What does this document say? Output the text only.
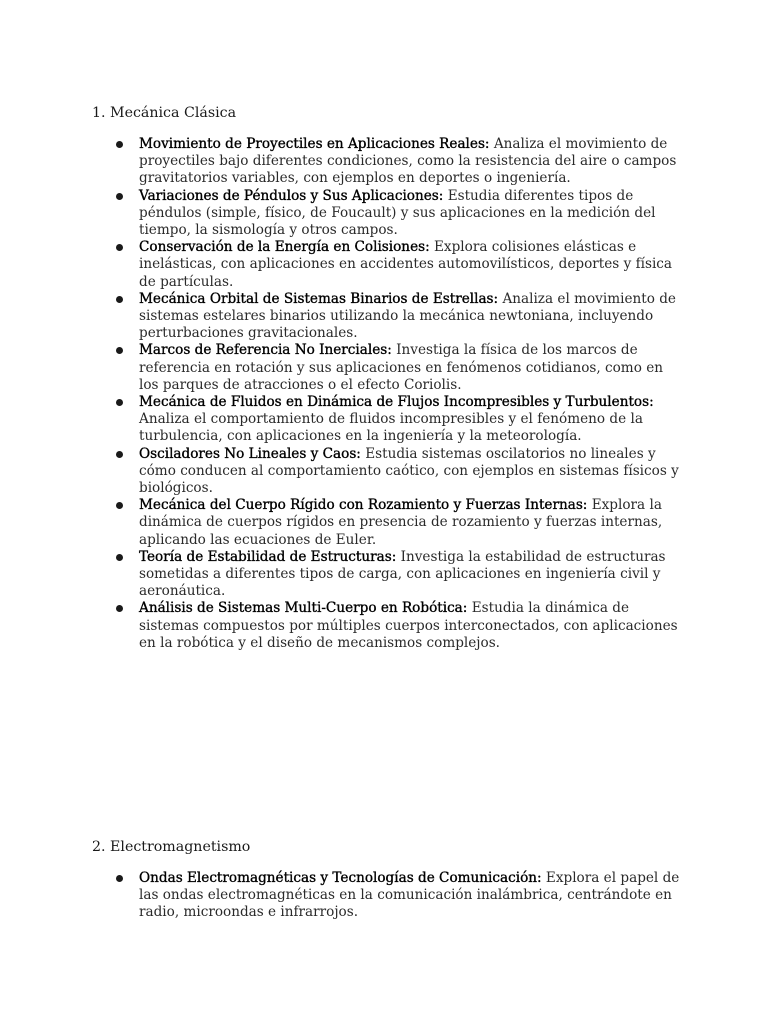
1. Mecánica Clásica
Movimiento de Proyectiles en Aplicaciones Reales: Analiza el movimiento de proyectiles bajo diferentes condiciones, como la resistencia del aire o campos gravitatorios variables, con ejemplos en deportes o ingeniería.
Variaciones de Péndulos y Sus Aplicaciones: Estudia diferentes tipos de péndulos (simple, físico, de Foucault) y sus aplicaciones en la medición del tiempo, la sismología y otros campos.
Conservación de la Energía en Colisiones: Explora colisiones elásticas e inelásticas, con aplicaciones en accidentes automovilísticos, deportes y física de partículas.
Mecánica Orbital de Sistemas Binarios de Estrellas: Analiza el movimiento de sistemas estelares binarios utilizando la mecánica newtoniana, incluyendo perturbaciones gravitacionales.
Marcos de Referencia No Inerciales: Investiga la física de los marcos de referencia en rotación y sus aplicaciones en fenómenos cotidianos, como en los parques de atracciones o el efecto Coriolis.
Mecánica de Fluidos en Dinámica de Flujos Incompresibles y Turbulentos: Analiza el comportamiento de fluidos incompresibles y el fenómeno de la turbulencia, con aplicaciones en la ingeniería y la meteorología.
Osciladores No Lineales y Caos: Estudia sistemas oscilatorios no lineales y cómo conducen al comportamiento caótico, con ejemplos en sistemas físicos y biológicos.
Mecánica del Cuerpo Rígido con Rozamiento y Fuerzas Internas: Explora la dinámica de cuerpos rígidos en presencia de rozamiento y fuerzas internas, aplicando las ecuaciones de Euler.
Teoría de Estabilidad de Estructuras: Investiga la estabilidad de estructuras sometidas a diferentes tipos de carga, con aplicaciones en ingeniería civil y aeronáutica.
Análisis de Sistemas Multi-Cuerpo en Robótica: Estudia la dinámica de sistemas compuestos por múltiples cuerpos interconectados, con aplicaciones en la robótica y el diseño de mecanismos complejos.
2. Electromagnetismo
Ondas Electromagnéticas y Tecnologías de Comunicación: Explora el papel de las ondas electromagnéticas en la comunicación inalámbrica, centrándote en radio, microondas e infrarrojos.
